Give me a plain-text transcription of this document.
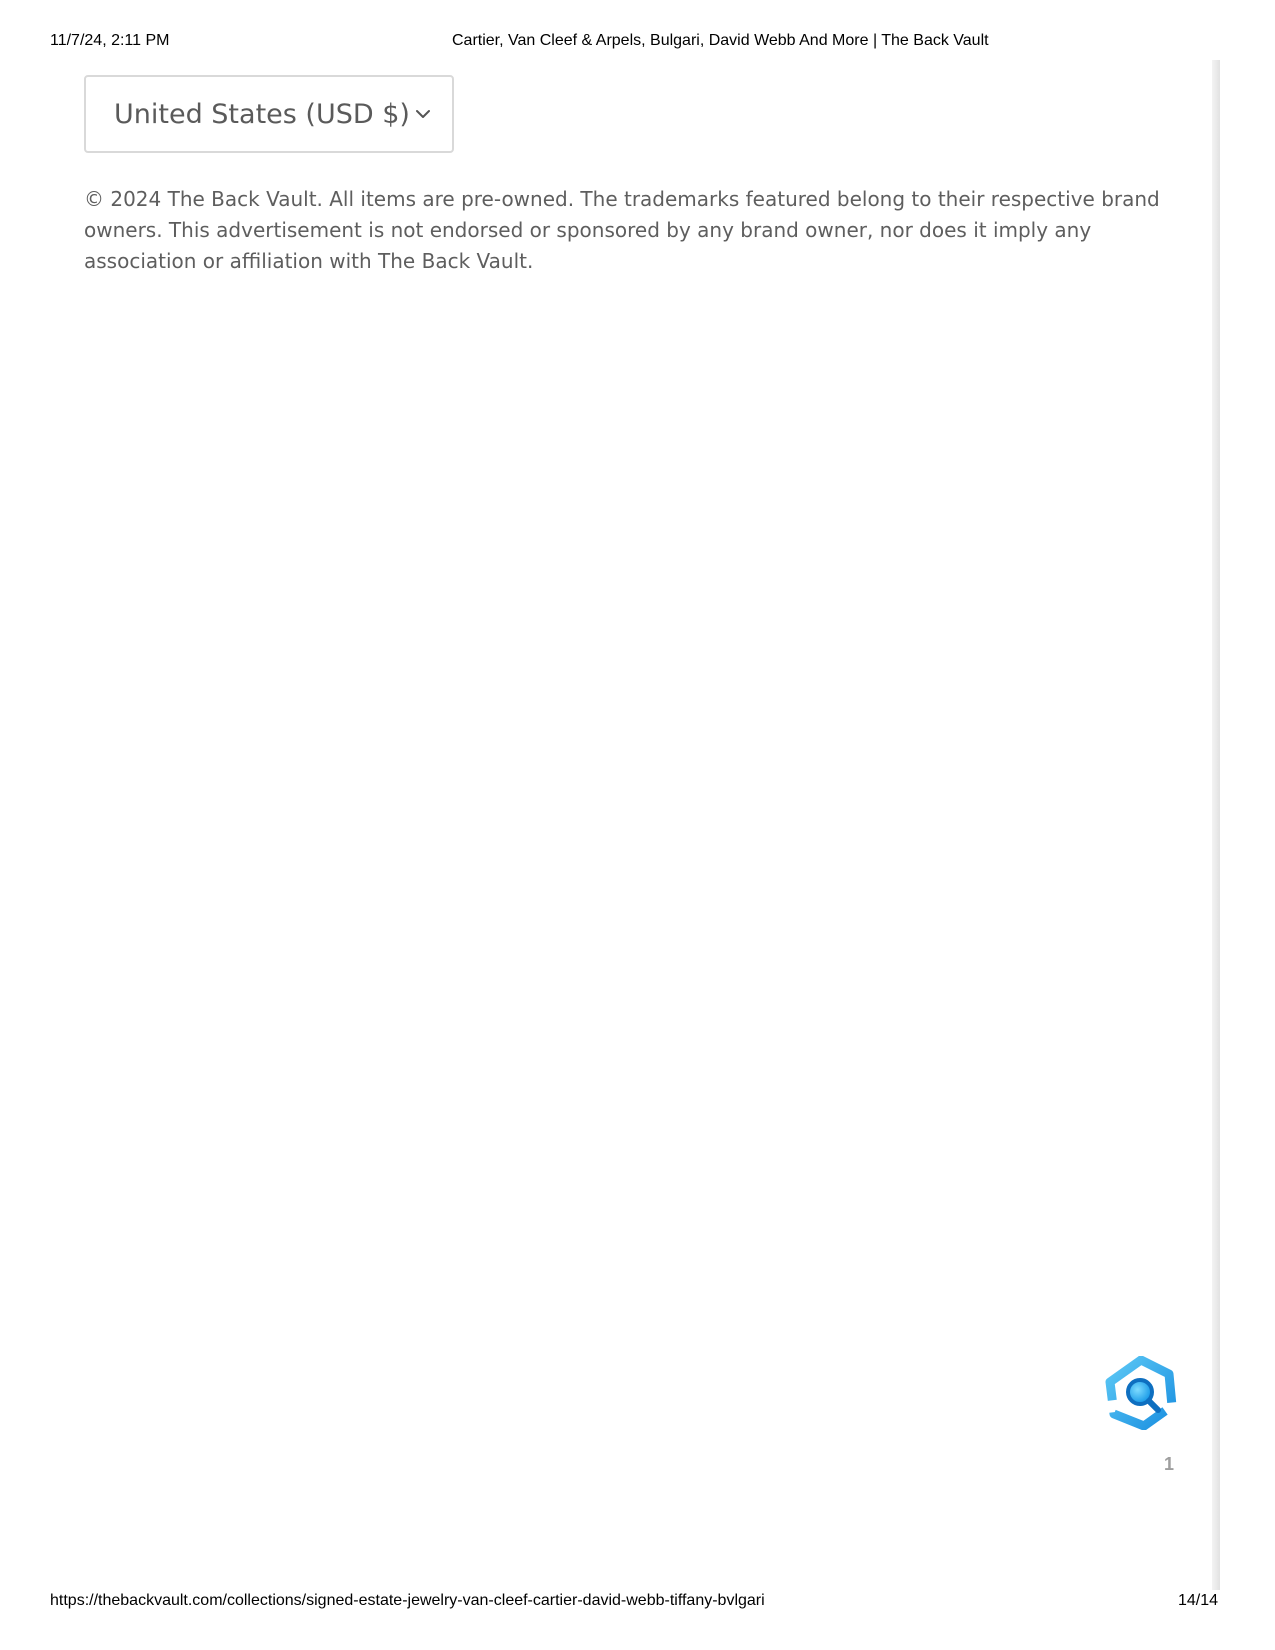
11/7/24, 2:11 PM	Cartier, Van Cleef & Arpels, Bulgari, David Webb And More | The Back Vault
United States (USD $)
© 2024 The Back Vault. All items are pre-owned. The trademarks featured belong to their respective brand owners. This advertisement is not endorsed or sponsored by any brand owner, nor does it imply any association or affiliation with The Back Vault.
1
https://thebackvault.com/collections/signed-estate-jewelry-van-cleef-cartier-david-webb-tiffany-bvlgari	14/14
